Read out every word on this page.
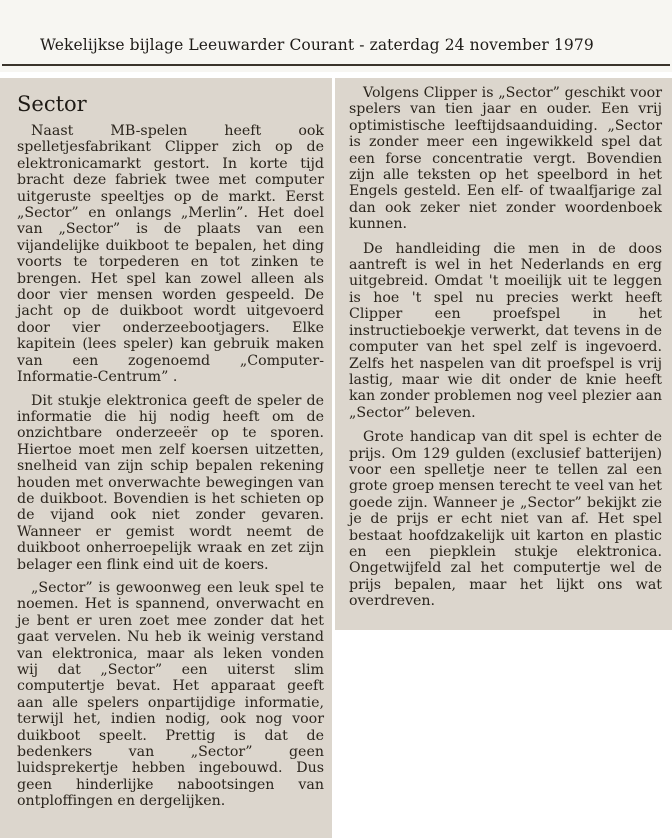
Wekelijkse bijlage Leeuwarder Courant - zaterdag 24 november 1979
Sector

Naast MB-spelen heeft ook spelletjesfabrikant Clipper zich op de elektronicamarkt gestort. In korte tijd bracht deze fabriek twee met computer uitgeruste speeltjes op de markt. Eerst „Sector” en onlangs „Merlin”. Het doel van „Sector” is de plaats van een vijandelijke duikboot te bepalen, het ding voorts te torpederen en tot zinken te brengen. Het spel kan zowel alleen als door vier mensen worden gespeeld. De jacht op de duikboot wordt uitgevoerd door vier onderzeebootjagers. Elke kapitein (lees speler) kan gebruik maken van een zogenoemd „Computer-Informatie-Centrum” .

Dit stukje elektronica geeft de speler de informatie die hij nodig heeft om de onzichtbare onderzeeër op te sporen. Hiertoe moet men zelf koersen uitzetten, snelheid van zijn schip bepalen rekening houden met onverwachte bewegingen van de duikboot. Bovendien is het schieten op de vijand ook niet zonder gevaren. Wanneer er gemist wordt neemt de duikboot onherroepelijk wraak en zet zijn belager een flink eind uit de koers.

„Sector” is gewoonweg een leuk spel te noemen. Het is spannend, onverwacht en je bent er uren zoet mee zonder dat het gaat vervelen. Nu heb ik weinig verstand van elektronica, maar als leken vonden wij dat „Sector” een uiterst slim computertje bevat. Het apparaat geeft aan alle spelers onpartijdige informatie, terwijl het, indien nodig, ook nog voor duikboot speelt. Prettig is dat de bedenkers van „Sector” geen luidsprekertje hebben ingebouwd. Dus geen hinderlijke nabootsingen van ontploffingen en dergelijken.

Volgens Clipper is „Sector” geschikt voor spelers van tien jaar en ouder. Een vrij optimistische leeftijdsaanduiding. „Sector is zonder meer een ingewikkeld spel dat een forse concentratie vergt. Bovendien zijn alle teksten op het speelbord in het Engels gesteld. Een elf- of twaalfjarige zal dan ook zeker niet zonder woordenboek kunnen.

De handleiding die men in de doos aantreft is wel in het Nederlands en erg uitgebreid. Omdat 't moeilijk uit te leggen is hoe 't spel nu precies werkt heeft Clipper een proefspel in het instructieboekje verwerkt, dat tevens in de computer van het spel zelf is ingevoerd. Zelfs het naspelen van dit proefspel is vrij lastig, maar wie dit onder de knie heeft kan zonder problemen nog veel plezier aan „Sector” beleven.

Grote handicap van dit spel is echter de prijs. Om 129 gulden (exclusief batterijen) voor een spelletje neer te tellen zal een grote groep mensen terecht te veel van het goede zijn. Wanneer je „Sector” bekijkt zie je de prijs er echt niet van af. Het spel bestaat hoofdzakelijk uit karton en plastic en een piepklein stukje elektronica. Ongetwijfeld zal het computertje wel de prijs bepalen, maar het lijkt ons wat overdreven.
